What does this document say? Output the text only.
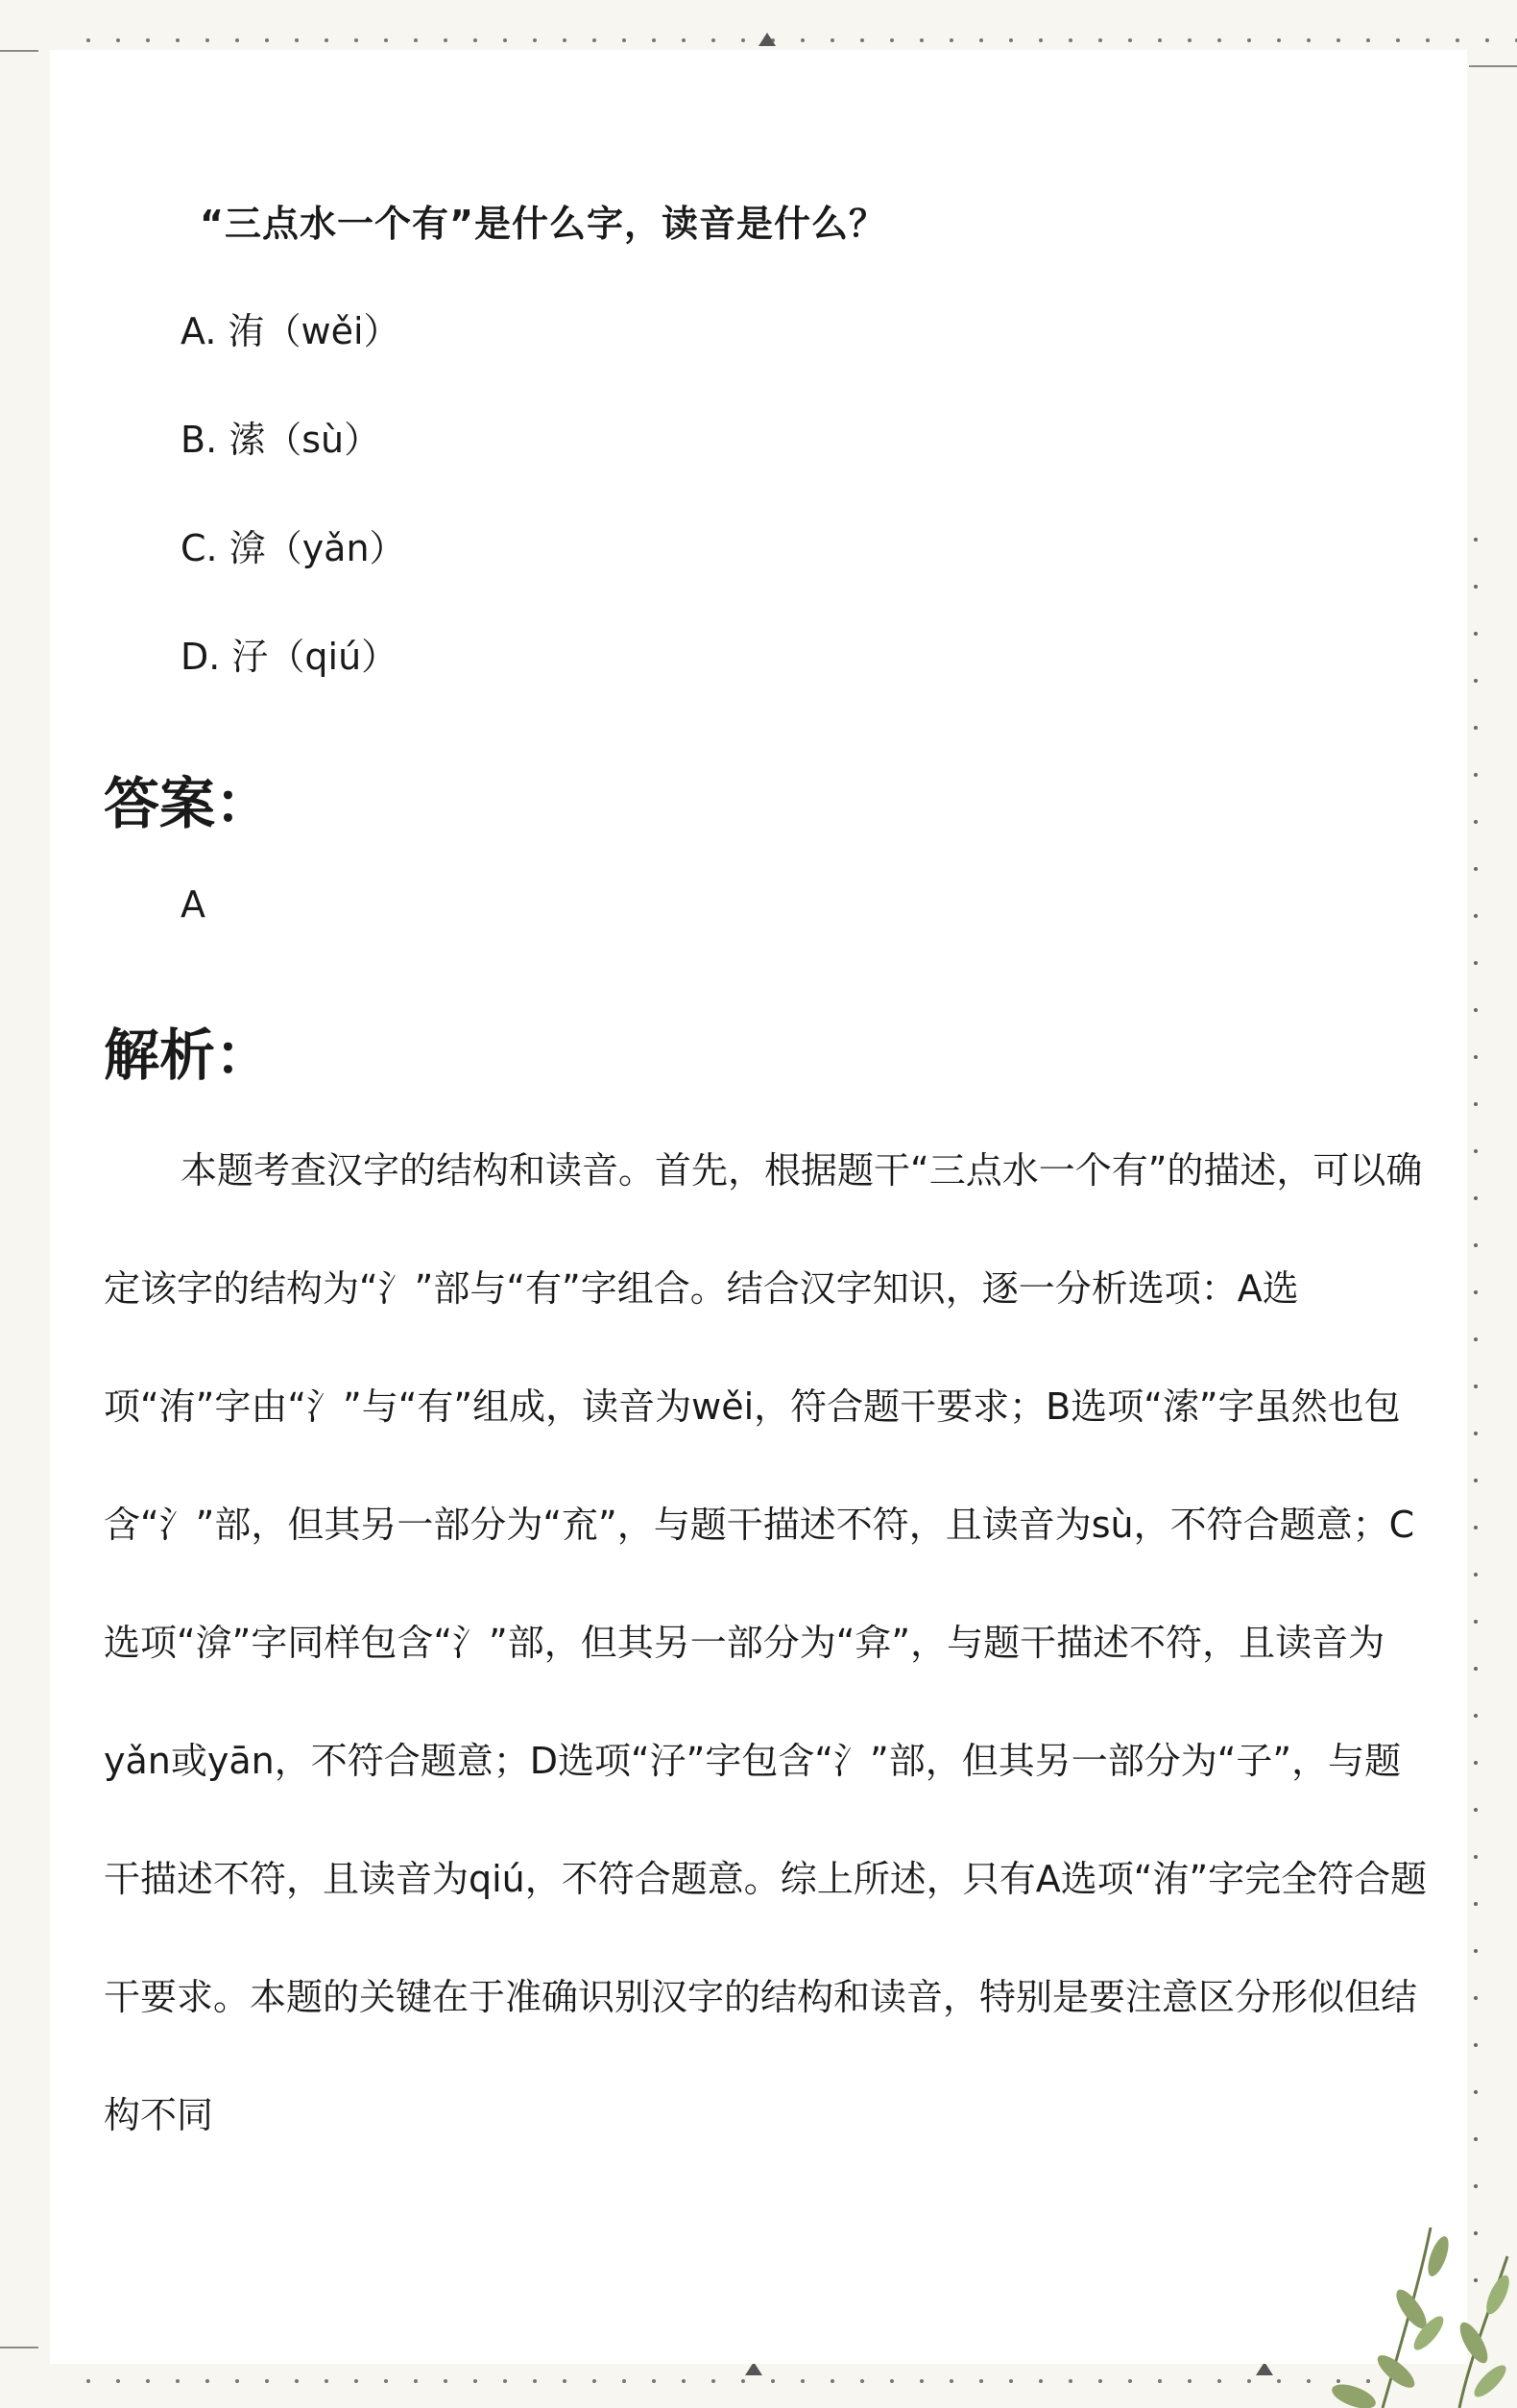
“三点水一个有”是什么字，读音是什么？
A. 洧（wěi）
B. 溹（sù）
C. 渰（yǎn）
D. 汓（qiú）
答案：
A
解析：

本题考查汉字的结构和读音。首先，根据题干“三点水一个有”的描述，可以确定该字的结构为“氵”部与“有”字组合。结合汉字知识，逐一分析选项：A选项“洧”字由“氵”与“有”组成，读音为wěi，符合题干要求；B选项“溹”字虽然也包含“氵”部，但其另一部分为“㐬”，与题干描述不符，且读音为sù，不符合题意；C选项“渰”字同样包含“氵”部，但其另一部分为“弇”，与题干描述不符，且读音为yǎn或yān，不符合题意；D选项“汓”字包含“氵”部，但其另一部分为“子”，与题干描述不符，且读音为qiú，不符合题意。综上所述，只有A选项“洧”字完全符合题干要求。本题的关键在于准确识别汉字的结构和读音，特别是要注意区分形似但结构不同
